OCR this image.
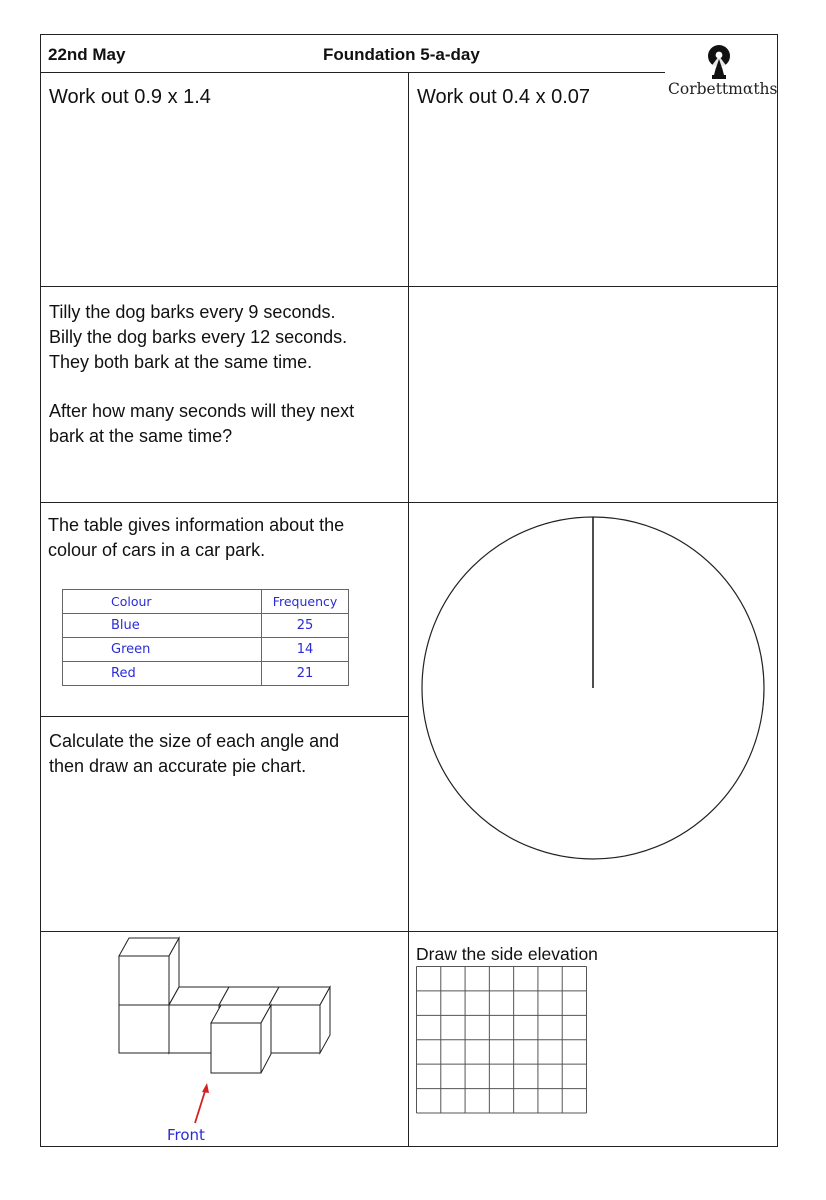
22nd May	Foundation 5-a-day
Corbettmαths
Work out 0.9 x 1.4	Work out 0.4 x 0.07

Tilly the dog barks every 9 seconds.

Billy the dog barks every 12 seconds.

They both bark at the same time.

After how many seconds will they next

bark at the same time?

The table gives information about the

colour of cars in a car park.

Colour	Frequency
Blue	25
Green	14
Red	21

Calculate the size of each angle and

then draw an accurate pie chart.

Front
Draw the side elevation
